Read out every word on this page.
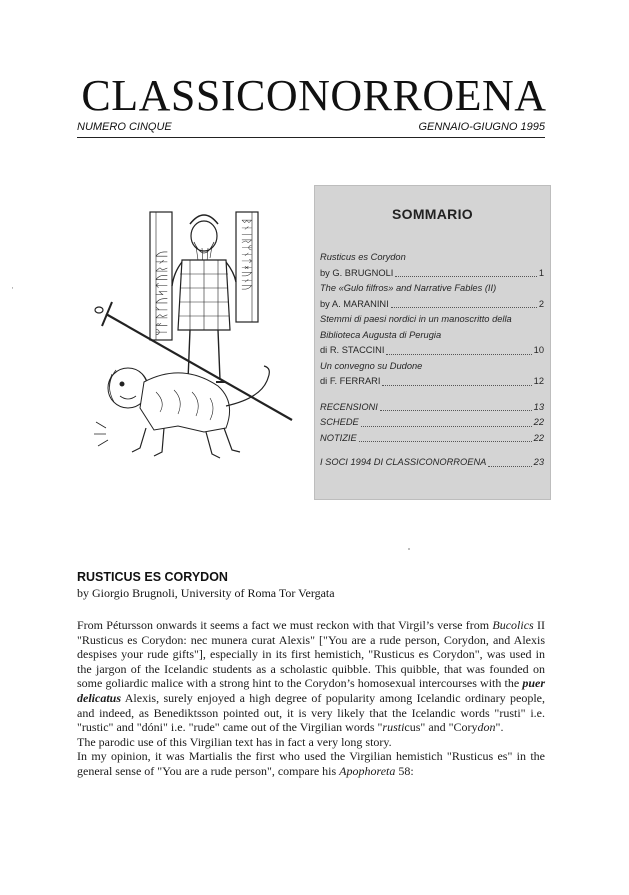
CLASSICONORROENA
NUMERO CINQUE	GENNAIO-GIUGNO 1995
·	ᛘᚨᚱᚴᚢᛋᛏᚢᚱᚾᚢ	ᛒᚾᛁᚱᛘᚾᛏᚼᚢᚾᚢ
SOMMARIO
Rusticus es Corydon
by G. BRUGNOLI	1
The «Gulo filfros» and Narrative Fables (II)
by A. MARANINI	2
Stemmi di paesi nordici in un manoscritto della
Biblioteca Augusta di Perugia
di R. STACCINI	10
Un convegno su Dudone
di F. FERRARI	12
RECENSIONI	13
SCHEDE	22
NOTIZIE	22
I SOCI 1994 DI CLASSICONORROENA	23
RUSTICUS ES CORYDON
by Giorgio Brugnoli, University of Roma Tor Vergata

From Pétursson onwards it seems a fact we must reckon with that Virgil’s verse from Bucolics II "Rusticus es Corydon: nec munera curat Alexis" ["You are a rude person, Corydon, and Alexis despises your rude gifts"], especially in its first hemistich, "Rusticus es Corydon", was used in the jargon of the Icelandic students as a scholastic quibble. This quibble, that was founded on some goliardic malice with a strong hint to the Corydon’s homosexual intercourses with the puer delicatus Alexis, surely enjoyed a high degree of popularity among Icelandic ordinary people, and indeed, as Benediktsson pointed out, it is very likely that the Icelandic words "rusti" i.e. "rustic" and "dóni" i.e. "rude" came out of the Virgilian words "rusticus" and "Corydon".

The parodic use of this Virgilian text has in fact a very long story.

In my opinion, it was Martialis the first who used the Virgilian hemistich "Rusticus es" in the general sense of "You are a rude person", compare his Apophoreta 58:
